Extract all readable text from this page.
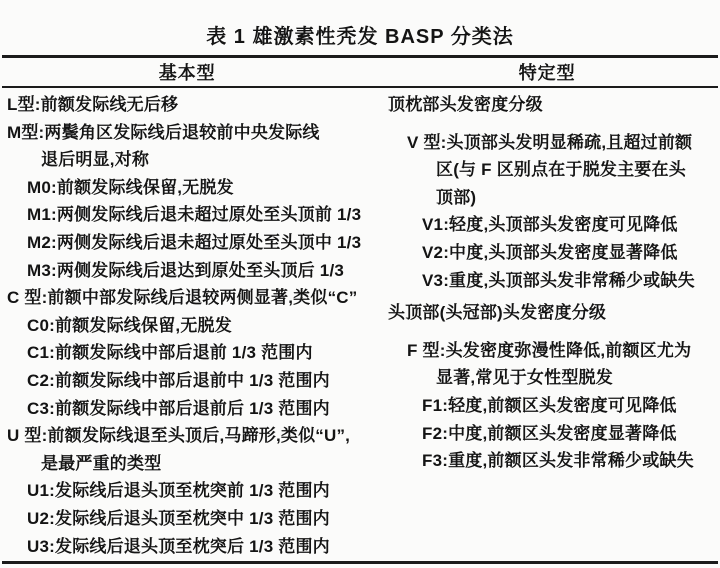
表 1 雄激素性秃发 BASP 分类法
基本型	特定型
L型:前额发际线无后移
M型:两鬓角区发际线后退较前中央发际线
退后明显,对称
M0:前额发际线保留,无脱发
M1:两侧发际线后退未超过原处至头顶前 1/3
M2:两侧发际线后退未超过原处至头顶中 1/3
M3:两侧发际线后退达到原处至头顶后 1/3
C 型:前额中部发际线后退较两侧显著,类似“C”
C0:前额发际线保留,无脱发
C1:前额发际线中部后退前 1/3 范围内
C2:前额发际线中部后退前中 1/3 范围内
C3:前额发际线中部后退前后 1/3 范围内
U 型:前额发际线退至头顶后,马蹄形,类似“U”,
是最严重的类型
U1:发际线后退头顶至枕突前 1/3 范围内
U2:发际线后退头顶至枕突中 1/3 范围内
U3:发际线后退头顶至枕突后 1/3 范围内
顶枕部头发密度分级
V 型:头顶部头发明显稀疏,且超过前额
区(与 F 区别点在于脱发主要在头
顶部)
V1:轻度,头顶部头发密度可见降低
V2:中度,头顶部头发密度显著降低
V3:重度,头顶部头发非常稀少或缺失
头顶部(头冠部)头发密度分级
F 型:头发密度弥漫性降低,前额区尤为
显著,常见于女性型脱发
F1:轻度,前额区头发密度可见降低
F2:中度,前额区头发密度显著降低
F3:重度,前额区头发非常稀少或缺失
